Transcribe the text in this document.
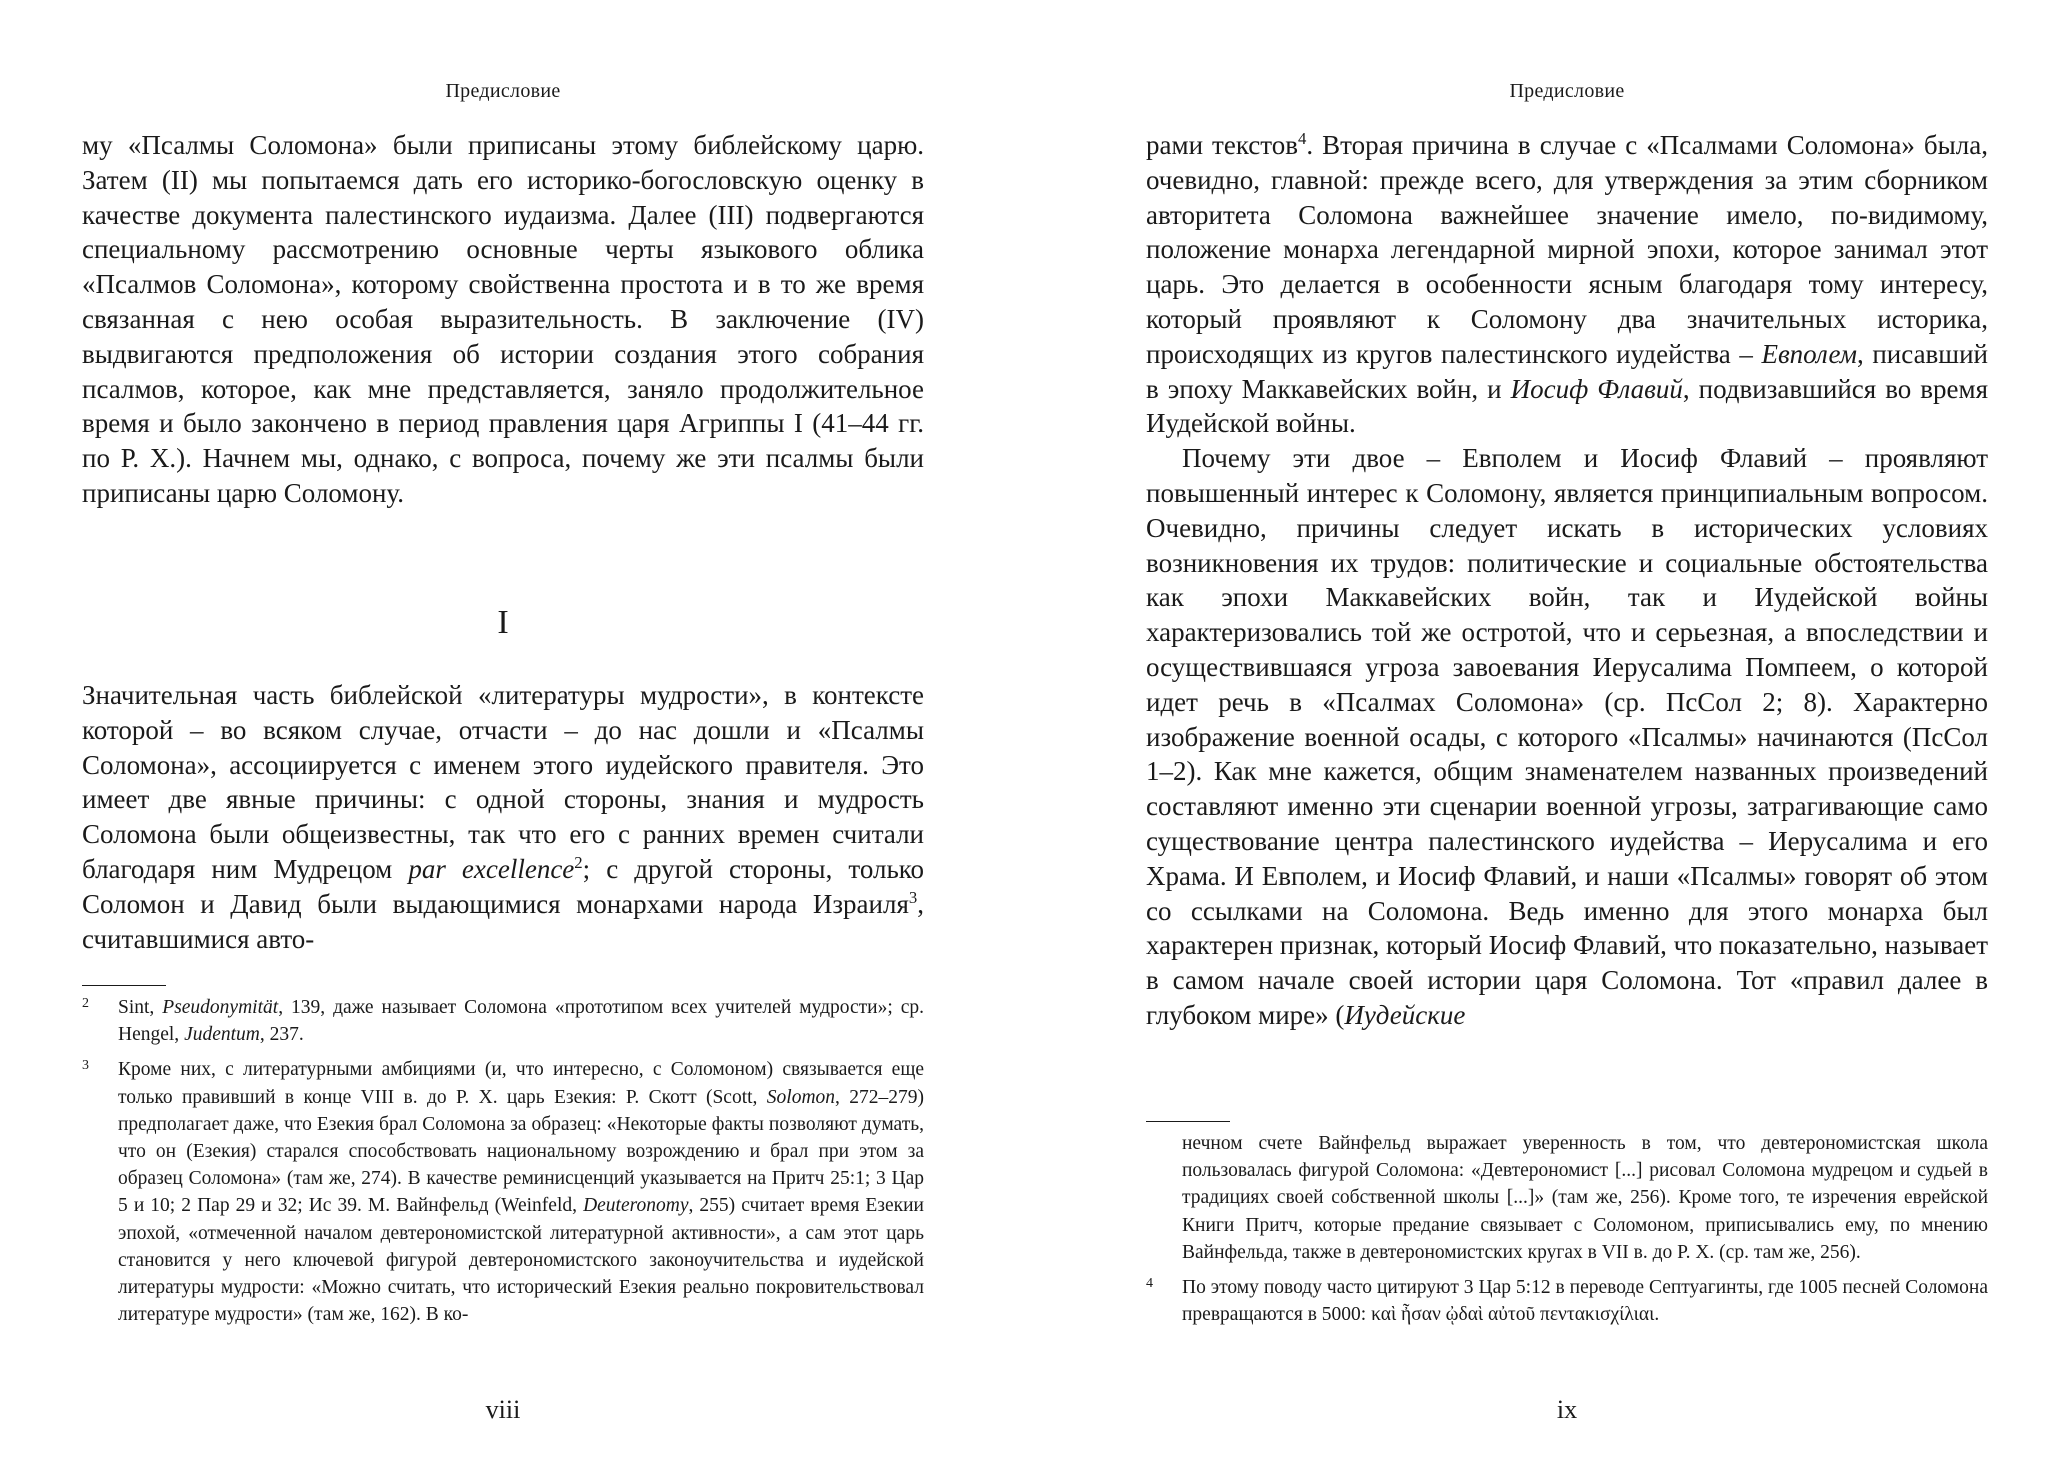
Предисловие

му «Псалмы Соломона» были приписаны этому библейскому царю. Затем (II) мы попытаемся дать его историко-богословскую оценку в качестве документа палестинского иудаизма. Далее (III) подвергаются специальному рассмотрению основные черты языкового облика «Псалмов Соломона», которому свойственна простота и в то же время связанная с нею особая выразительность. В заключение (IV) выдвигаются предположения об истории создания этого собрания псалмов, которое, как мне представляется, заняло продолжительное время и было закончено в период правления царя Агриппы I (41–44 гг. по Р. Х.). Начнем мы, однако, с вопроса, почему же эти псалмы были приписаны царю Соломону.

I

Значительная часть библейской «литературы мудрости», в контексте которой – во всяком случае, отчасти – до нас дошли и «Псалмы Соломона», ассоциируется с именем этого иудейского правителя. Это имеет две явные причины: с одной стороны, знания и мудрость Соломона были общеизвестны, так что его с ранних времен считали благодаря ним Мудрецом par excellence$^2$; с другой стороны, только Соломон и Давид были выдающимися монархами народа Израиля$^3$, считавшимися авто-

2 Sint, Pseudonymität, 139, даже называет Соломона «прототипом всех учителей мудрости»; ср. Hengel, Judentum, 237.
3 Кроме них, с литературными амбициями (и, что интересно, с Соломоном) связывается еще только правивший в конце VIII в. до Р. Х. царь Езекия: Р. Скотт (Scott, Solomon, 272–279) предполагает даже, что Езекия брал Соломона за образец: «Некоторые факты позволяют думать, что он (Езекия) старался способствовать национальному возрождению и брал при этом за образец Соломона» (там же, 274). В качестве реминисценций указывается на Притч 25:1; 3 Цар 5 и 10; 2 Пар 29 и 32; Ис 39. М. Вайнфельд (Weinfeld, Deuteronomy, 255) считает время Езекии эпохой, «отмеченной началом девтерономистской литературной активности», а сам этот царь становится у него ключевой фигурой девтерономистского законоучительства и иудейской литературы мудрости: «Можно считать, что исторический Езекия реально покровительствовал литературе мудрости» (там же, 162). В ко-
viii
Предисловие

рами текстов$^4$. Вторая причина в случае с «Псалмами Соломона» была, очевидно, главной: прежде всего, для утверждения за этим сборником авторитета Соломона важнейшее значение имело, по-видимому, положение монарха легендарной мирной эпохи, которое занимал этот царь. Это делается в особенности ясным благодаря тому интересу, который проявляют к Соломону два значительных историка, происходящих из кругов палестинского иудейства – Евполем, писавший в эпоху Маккавейских войн, и Иосиф Флавий, подвизавшийся во время Иудейской войны.

Почему эти двое – Евполем и Иосиф Флавий – проявляют повышенный интерес к Соломону, является принципиальным вопросом. Очевидно, причины следует искать в исторических условиях возникновения их трудов: политические и социальные обстоятельства как эпохи Маккавейских войн, так и Иудейской войны характеризовались той же остротой, что и серьезная, а впоследствии и осуществившаяся угроза завоевания Иерусалима Помпеем, о которой идет речь в «Псалмах Соломона» (ср. ПсСол 2; 8). Характерно изображение военной осады, с которого «Псалмы» начинаются (ПсСол 1–2). Как мне кажется, общим знаменателем названных произведений составляют именно эти сценарии военной угрозы, затрагивающие само существование центра палестинского иудейства – Иерусалима и его Храма. И Евполем, и Иосиф Флавий, и наши «Псалмы» говорят об этом со ссылками на Соломона. Ведь именно для этого монарха был характерен признак, который Иосиф Флавий, что показательно, называет в самом начале своей истории царя Соломона. Тот «правил далее в глубоком мире» (Иудейские

нечном счете Вайнфельд выражает уверенность в том, что девтерономистская школа пользовалась фигурой Соломона: «Девтерономист [...] рисовал Соломона мудрецом и судьей в традициях своей собственной школы [...]» (там же, 256). Кроме того, те изречения еврейской Книги Притч, которые предание связывает с Соломоном, приписывались ему, по мнению Вайнфельда, также в девтерономистских кругах в VII в. до Р. Х. (ср. там же, 256).
4 По этому поводу часто цитируют 3 Цар 5:12 в переводе Септуагинты, где 1005 песней Соломона превращаются в 5000: καὶ ἦσαν ᾠδαὶ αὐτοῦ πεντακισχίλιαι.
ix
